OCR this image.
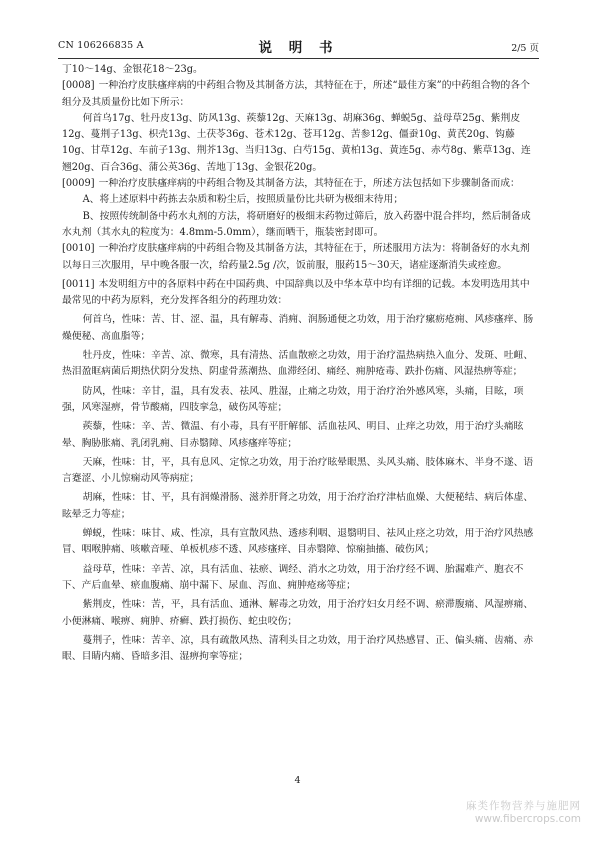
CN 106266835 A	说 明 书	2/5 页

丁10～14g、金银花18～23g。

[0008] 一种治疗皮肤瘙痒病的中药组合物及其制备方法，其特征在于，所述“最佳方案”的中药组合物的各个组分及其质量份比如下所示：

何首乌17g、牡丹皮13g、防风13g、蒺藜12g、天麻13g、胡麻36g、蝉蜕5g、益母草25g、紫荆皮12g、蔓荆子13g、枳壳13g、土茯苓36g、苍术12g、苍耳12g、苦参12g、僵蚕10g、黄芪20g、钩藤10g、甘草12g、车前子13g、荆芥13g、当归13g、白芍15g、黄柏13g、黄连5g、赤芍8g、紫草13g、连翘20g、百合36g、蒲公英36g、苦地丁13g、金银花20g。

[0009] 一种治疗皮肤瘙痒病的中药组合物及其制备方法，其特征在于，所述方法包括如下步骤制备而成：

A、将上述原料中药拣去杂质和粉尘后，按照质量份比共研为极细末待用；

B、按照传统制备中药水丸剂的方法，将研磨好的极细末药物过筛后，放入药器中混合拌均，然后制备成水丸剂（其水丸的粒度为：4.8mm-5.0mm），继而晒干，瓶装密封即可。

[0010] 一种治疗皮肤瘙痒病的中药组合物及其制备方法，其特征在于，所述服用方法为：将制备好的水丸剂以每日三次服用，早中晚各服一次，给药量2.5g /次，饭前服，服药15～30天，诸症逐渐消失或痊愈。

[0011] 本发明组方中的各原料中药在中国药典、中国辞典以及中华本草中均有详细的记载。本发明选用其中最常见的中药为原料，充分发挥各组分的药理功效：

何首乌，性味：苦、甘、涩、温，具有解毒、消痈、润肠通便之功效，用于治疗瘰疬疮痈、风疹瘙痒、肠燥便秘、高血脂等；

牡丹皮，性味：辛苦、凉、微寒，具有清热、活血散瘀之功效，用于治疗温热病热入血分、发斑、吐衄、热泪盈眶病菌后期热伏阴分发热、阴虚骨蒸潮热、血滞经闭、痛经、痈肿疮毒、跌扑伤痛、风湿热痹等症；

防风，性味：辛甘，温，具有发表、祛风、胜湿，止痛之功效，用于治疗治外感风寒，头痛，目眩，项强，风寒湿痹，骨节酸痛，四肢挛急，破伤风等症；

蒺藜，性味：辛、苦、微温、有小毒，具有平肝解郁、活血祛风、明目、止痒之功效，用于治疗头痛眩晕、胸胁胀痛、乳闭乳痈、目赤翳障、风疹瘙痒等症；

天麻，性味：甘，平，具有息风、定惊之功效，用于治疗眩晕眼黑、头风头痛、肢体麻木、半身不遂、语言蹇涩、小儿惊痫动风等病症；

胡麻，性味：甘、平，具有润燥滑肠、滋养肝肾之功效，用于治疗治疗津枯血燥、大便秘结、病后体虚、眩晕乏力等症；

蝉蜕，性味：味甘、咸、性凉，具有宣散风热、透疹利咽、退翳明目、祛风止痉之功效，用于治疗风热感冒、咽喉肿痛、咳嗽音哑、单板机疹不透、风疹瘙痒、目赤翳障、惊痫抽搐、破伤风；

益母草，性味：辛苦、凉，具有活血、祛瘀、调经、消水之功效，用于治疗经不调、胎漏难产、胞衣不下、产后血晕、瘀血腹痛、崩中漏下、尿血、泻血、痈肿疮疡等症；

紫荆皮，性味：苦，平，具有活血、通淋、解毒之功效，用于治疗妇女月经不调、瘀滞腹痛、风湿痹痛、小便淋痛、喉痹、痈肿、疥癣、跌打损伤、蛇虫咬伤；

蔓荆子，性味：苦辛、凉，具有疏散风热、清利头目之功效，用于治疗风热感冒、正、偏头痛、齿痛、赤眼、目睛内痛、昏暗多泪、湿痹拘挛等症；

4
麻类作物营养与施肥网
www.fibercrops.com
